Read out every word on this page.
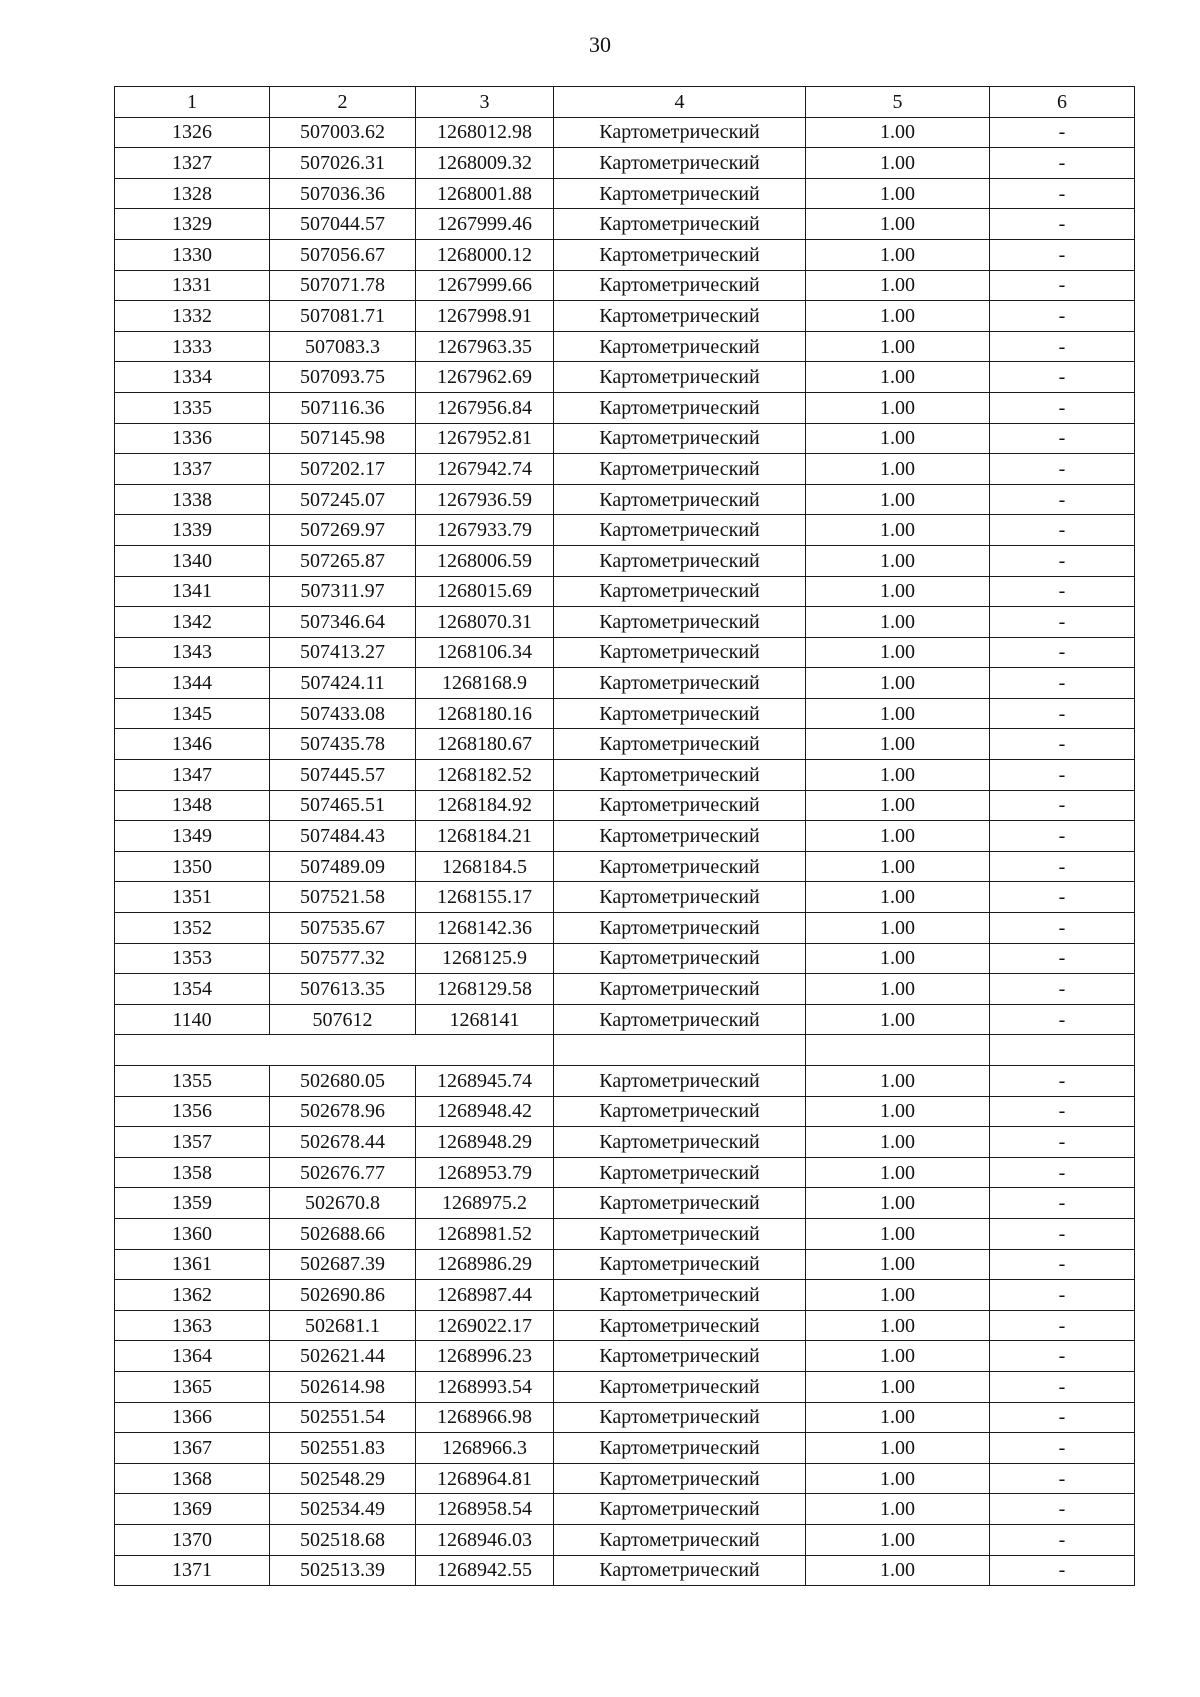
30
1	2	3	4	5	6
1326	507003.62	1268012.98	Картометрический	1.00	-
1327	507026.31	1268009.32	Картометрический	1.00	-
1328	507036.36	1268001.88	Картометрический	1.00	-
1329	507044.57	1267999.46	Картометрический	1.00	-
1330	507056.67	1268000.12	Картометрический	1.00	-
1331	507071.78	1267999.66	Картометрический	1.00	-
1332	507081.71	1267998.91	Картометрический	1.00	-
1333	507083.3	1267963.35	Картометрический	1.00	-
1334	507093.75	1267962.69	Картометрический	1.00	-
1335	507116.36	1267956.84	Картометрический	1.00	-
1336	507145.98	1267952.81	Картометрический	1.00	-
1337	507202.17	1267942.74	Картометрический	1.00	-
1338	507245.07	1267936.59	Картометрический	1.00	-
1339	507269.97	1267933.79	Картометрический	1.00	-
1340	507265.87	1268006.59	Картометрический	1.00	-
1341	507311.97	1268015.69	Картометрический	1.00	-
1342	507346.64	1268070.31	Картометрический	1.00	-
1343	507413.27	1268106.34	Картометрический	1.00	-
1344	507424.11	1268168.9	Картометрический	1.00	-
1345	507433.08	1268180.16	Картометрический	1.00	-
1346	507435.78	1268180.67	Картометрический	1.00	-
1347	507445.57	1268182.52	Картометрический	1.00	-
1348	507465.51	1268184.92	Картометрический	1.00	-
1349	507484.43	1268184.21	Картометрический	1.00	-
1350	507489.09	1268184.5	Картометрический	1.00	-
1351	507521.58	1268155.17	Картометрический	1.00	-
1352	507535.67	1268142.36	Картометрический	1.00	-
1353	507577.32	1268125.9	Картометрический	1.00	-
1354	507613.35	1268129.58	Картометрический	1.00	-
1140	507612	1268141	Картометрический	1.00	-

1355	502680.05	1268945.74	Картометрический	1.00	-
1356	502678.96	1268948.42	Картометрический	1.00	-
1357	502678.44	1268948.29	Картометрический	1.00	-
1358	502676.77	1268953.79	Картометрический	1.00	-
1359	502670.8	1268975.2	Картометрический	1.00	-
1360	502688.66	1268981.52	Картометрический	1.00	-
1361	502687.39	1268986.29	Картометрический	1.00	-
1362	502690.86	1268987.44	Картометрический	1.00	-
1363	502681.1	1269022.17	Картометрический	1.00	-
1364	502621.44	1268996.23	Картометрический	1.00	-
1365	502614.98	1268993.54	Картометрический	1.00	-
1366	502551.54	1268966.98	Картометрический	1.00	-
1367	502551.83	1268966.3	Картометрический	1.00	-
1368	502548.29	1268964.81	Картометрический	1.00	-
1369	502534.49	1268958.54	Картометрический	1.00	-
1370	502518.68	1268946.03	Картометрический	1.00	-
1371	502513.39	1268942.55	Картометрический	1.00	-
